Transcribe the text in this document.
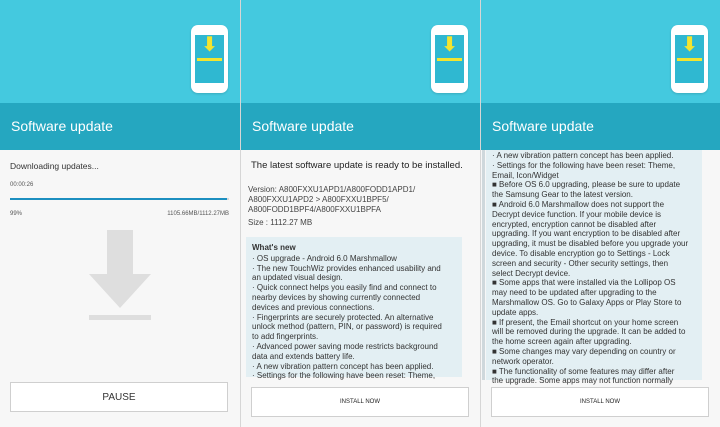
⬇
Software update
Downloading updates...
00:00:26
99%	1105.66MB/1112.27MB
PAUSE
⬇
Software update
The latest software update is ready to be installed.
Version: A800FXXU1APD1/A800FODD1APD1/
A800FXXU1APD2 > A800FXXU1BPF5/
A800FODD1BPF4/A800FXXU1BPFA
Size : 1112.27 MB
What's new
· OS upgrade - Android 6.0 Marshmallow
· The new TouchWiz provides enhanced usability and
an updated visual design.
· Quick connect helps you easily find and connect to
nearby devices by showing currently connected
devices and previous connections.
· Fingerprints are securely protected. An alternative
unlock method (pattern, PIN, or password) is required
to add fingerprints.
· Advanced power saving mode restricts background
data and extends battery life.
· A new vibration pattern concept has been applied.
· Settings for the following have been reset: Theme,
INSTALL NOW
⬇
Software update
· A new vibration pattern concept has been applied.
· Settings for the following have been reset: Theme,
Email, Icon/Widget
■ Before OS 6.0 upgrading, please be sure to update
the Samsung Gear to the latest version.
■ Android 6.0 Marshmallow does not support the
Decrypt device function. If your mobile device is
encrypted, encryption cannot be disabled after
upgrading. If you want encryption to be disabled after
upgrading, it must be disabled before you upgrade your
device. To disable encryption go to Settings - Lock
screen and security - Other security settings, then
select Decrypt device.
■ Some apps that were installed via the Lollipop OS
may need to be updated after upgrading to the
Marshmallow OS. Go to Galaxy Apps or Play Store to
update apps.
■ If present, the Email shortcut on your home screen
will be removed during the upgrade. It can be added to
the home screen again after upgrading.
■ Some changes may vary depending on country or
network operator.
■ The functionality of some features may differ after
the upgrade. Some apps may not function normally
INSTALL NOW
